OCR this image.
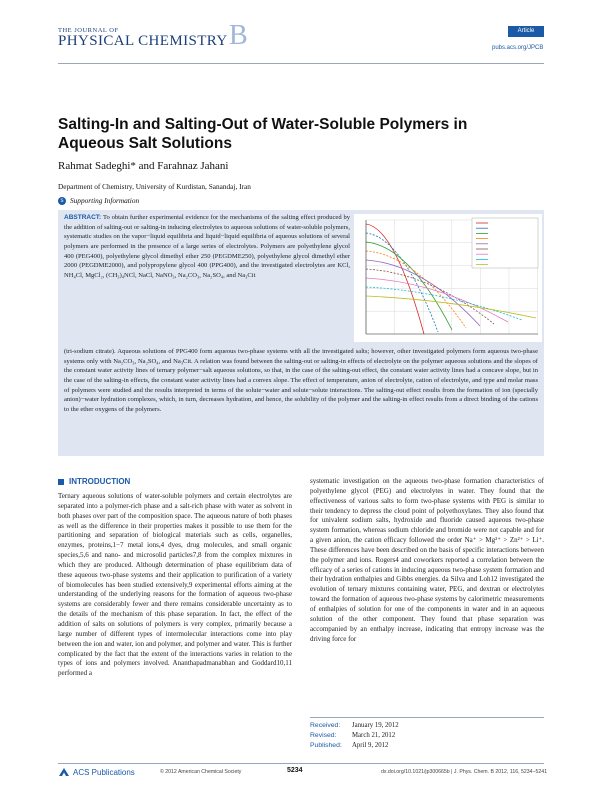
THE JOURNAL OF
PHYSICAL CHEMISTRY B	Article
pubs.acs.org/JPCB
Salting-In and Salting-Out of Water-Soluble Polymers in Aqueous Salt Solutions
Rahmat Sadeghi* and Farahnaz Jahani
Department of Chemistry, University of Kurdistan, Sanandaj, Iran
s Supporting Information
ABSTRACT: To obtain further experimental evidence for the mechanisms of the salting effect produced by the addition of salting-out or salting-in inducing electrolytes to aqueous solutions of water-soluble polymers, systematic studies on the vapor−liquid equilibria and liquid−liquid equilibria of aqueous solutions of several polymers are performed in the presence of a large series of electrolytes. Polymers are polyethylene glycol 400 (PEG400), polyethylene glycol dimethyl ether 250 (PEGDME250), polyethylene glycol dimethyl ether 2000 (PEGDME2000), and polypropylene glycol 400 (PPG400), and the investigated electrolytes are KCl, NH₄Cl, MgCl₂, (CH₃)₄NCl, NaCl, NaNO₃, Na₂CO₃, Na₂SO₄, and Na₃Cit
(tri-sodium citrate). Aqueous solutions of PPG400 form aqueous two-phase systems with all the investigated salts; however, other investigated polymers form aqueous two-phase systems only with Na₂CO₃, Na₂SO₄, and Na₃Cit. A relation was found between the salting-out or salting-in effects of electrolyte on the polymer aqueous solutions and the slopes of the constant water activity lines of ternary polymer−salt aqueous solutions, so that, in the case of the salting-out effect, the constant water activity lines had a concave slope, but in the case of the salting-in effects, the constant water activity lines had a convex slope. The effect of temperature, anion of electrolyte, cation of electrolyte, and type and molar mass of polymers were studied and the results interpreted in terms of the solute−water and solute−solute interactions. The salting-out effect results from the formation of ion (specially anion)−water hydration complexes, which, in turn, decreases hydration, and hence, the solubility of the polymer and the salting-in effect results from a direct binding of the cations to the ether oxygens of the polymers.
INTRODUCTION
Ternary aqueous solutions of water-soluble polymers and certain electrolytes are separated into a polymer-rich phase and a salt-rich phase with water as solvent in both phases over part of the composition space. The aqueous nature of both phases as well as the difference in their properties makes it possible to use them for the partitioning and separation of biological materials such as cells, organelles, enzymes, proteins,1−7 metal ions,4 dyes, drug molecules, and small organic species,5,6 and nano- and microsolid particles7,8 from the complex mixtures in which they are produced. Although determination of phase equilibrium data of these aqueous two-phase systems and their application to purification of a variety of biomolecules has been studied extensively,9 experimental efforts aiming at the understanding of the underlying reasons for the formation of aqueous two-phase systems are considerably fewer and there remains considerable uncertainty as to the details of the mechanism of this phase separation. In fact, the effect of the addition of salts on solutions of polymers is very complex, primarily because a large number of different types of intermolecular interactions come into play between the ion and water, ion and polymer, and polymer and water. This is further complicated by the fact that the extent of the interactions varies in relation to the types of ions and polymers involved. Ananthapadmanabhan and Goddard10,11 performed a
systematic investigation on the aqueous two-phase formation characteristics of polyethylene glycol (PEG) and electrolytes in water. They found that the effectiveness of various salts to form two-phase systems with PEG is similar to their tendency to depress the cloud point of polyethoxylates. They also found that for univalent sodium salts, hydroxide and fluoride caused aqueous two-phase system formation, whereas sodium chloride and bromide were not capable and for a given anion, the cation efficacy followed the order Na⁺ > Mg²⁺ > Zn²⁺ > Li⁺. These differences have been described on the basis of specific interactions between the polymer and ions. Rogers4 and coworkers reported a correlation between the efficacy of a series of cations in inducing aqueous two-phase system formation and their hydration enthalpies and Gibbs energies. da Silva and Loh12 investigated the evolution of ternary mixtures containing water, PEG, and dextran or electrolytes toward the formation of aqueous two-phase systems by calorimetric measurements of enthalpies of solution for one of the components in water and in an aqueous solution of the other component. They found that phase separation was accompanied by an enthalpy increase, indicating that entropy increase was the driving force for
Received: January 19, 2012
Revised: March 21, 2012
Published: April 9, 2012
ACS Publications	© 2012 American Chemical Society	5234	dx.doi.org/10.1021/jp300665b | J. Phys. Chem. B 2012, 116, 5234−5241
